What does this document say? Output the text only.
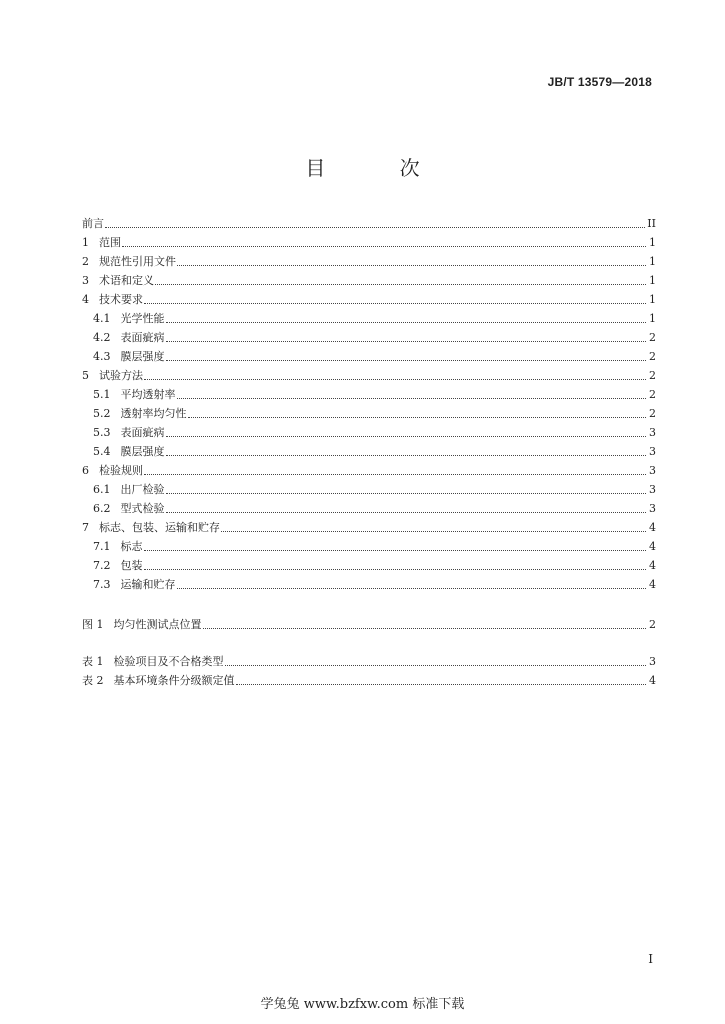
JB/T 13579—2018
目 次
前言	II
1 范围	1
2 规范性引用文件	1
3 术语和定义	1
4 技术要求	1
4.1 光学性能	1
4.2 表面疵病	2
4.3 膜层强度	2
5 试验方法	2
5.1 平均透射率	2
5.2 透射率均匀性	2
5.3 表面疵病	3
5.4 膜层强度	3
6 检验规则	3
6.1 出厂检验	3
6.2 型式检验	3
7 标志、包装、运输和贮存	4
7.1 标志	4
7.2 包装	4
7.3 运输和贮存	4
图 1 均匀性测试点位置	2
表 1 检验项目及不合格类型	3
表 2 基本环境条件分级额定值	4
I
学兔兔 www.bzfxw.com 标准下载
